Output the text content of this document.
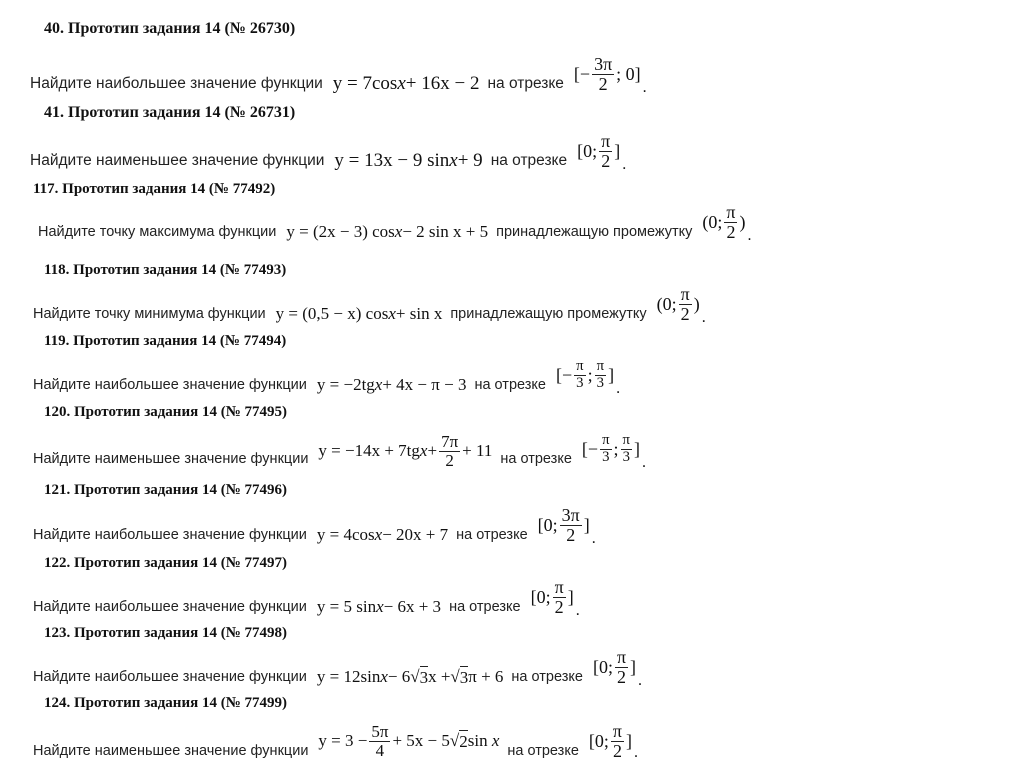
40. Прототип задания 14 (№ 26730)
Найдите наибольшее значение функции y = 7cos x + 16x − 2 на отрезке [− $\frac{3\pi}{2}$ ; 0]
.
41. Прототип задания 14 (№ 26731)
Найдите наименьшее значение функции y = 13x − 9 sin x + 9 на отрезке [0; $\frac{\pi}{2}$ ]
.
117. Прототип задания 14 (№ 77492)
Найдите точку максимума функции y = (2x − 3) cos x − 2 sin x + 5 принадлежащую промежутку
(0; $\frac{\pi}{2}$ )
.
118. Прототип задания 14 (№ 77493)
Найдите точку минимума функции y = (0,5 − x) cos x + sin x принадлежащую промежутку
(0; $\frac{\pi}{2}$ )
.
119. Прототип задания 14 (№ 77494)
Найдите наибольшее значение функции y = −2tg x + 4x − π − 3 на отрезке
[− $\frac{\pi}{3}$ ; $\frac{\pi}{3}$ ]
.
120. Прототип задания 14 (№ 77495)
Найдите наименьшее значение функции y = −14x + 7tg $x + \frac{7\pi}{2} + 11$ на отрезке
[− $\frac{\pi}{3}$ ; $\frac{\pi}{3}$ ]
.
121. Прототип задания 14 (№ 77496)
Найдите наибольшее значение функции y = 4cos x − 20x + 7 на отрезке
[0; $\frac{3\pi}{2}$ ]
.
122. Прототип задания 14 (№ 77497)
Найдите наибольшее значение функции y = 5 sin x − 6x + 3 на отрезке
[0; $\frac{\pi}{2}$ ]
.
123. Прототип задания 14 (№ 77498)
Найдите наибольшее значение функции y = 12sin x − 6 √ 3 x + √ 3 π + 6 на отрезке
[0; $\frac{\pi}{2}$ ]
.
124. Прототип задания 14 (№ 77499)
Найдите наименьшее значение функции
$y = 3 - \frac{5\pi}{4} + 5x - 5$ √ 2 sin
x
на отрезке
[0; $\frac{\pi}{2}$ ]
.
